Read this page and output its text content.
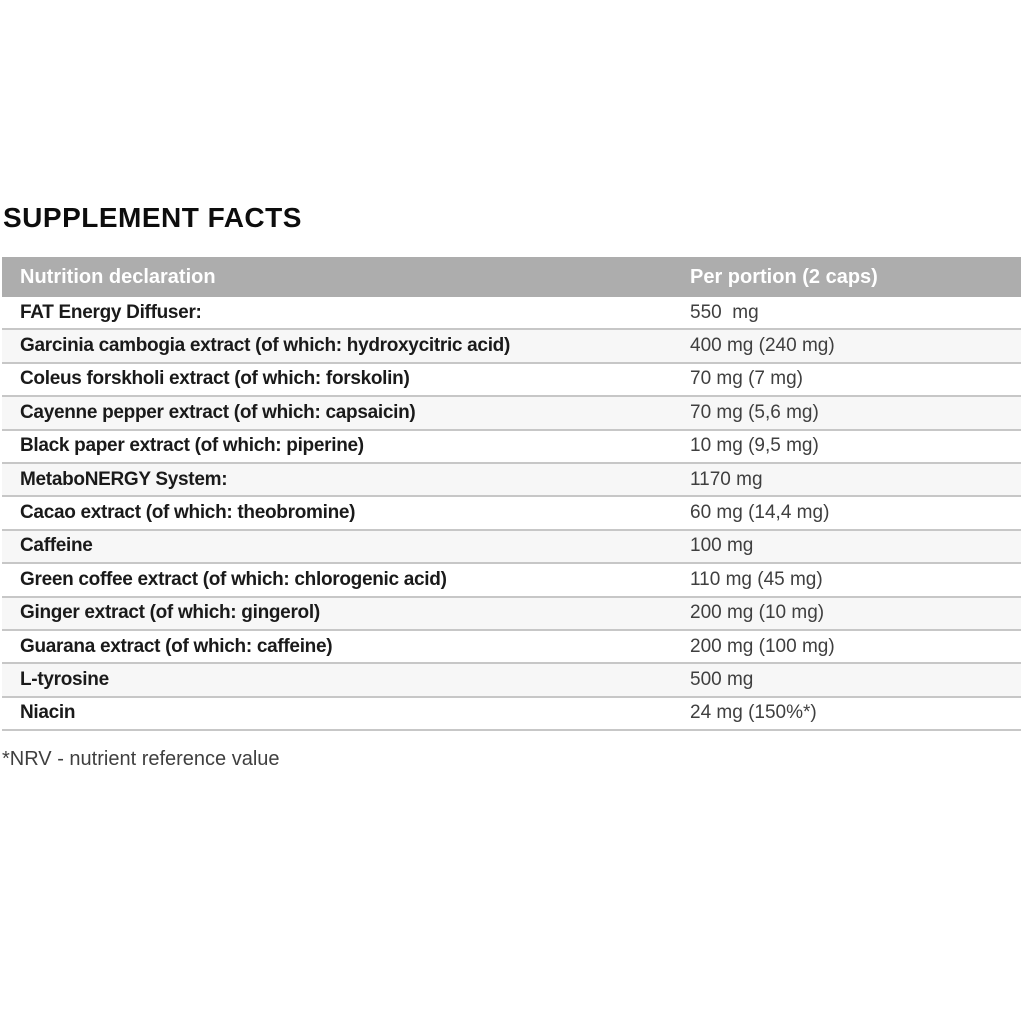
SUPPLEMENT FACTS
Nutrition declaration	Per portion (2 caps)
FAT Energy Diffuser:	550  mg
Garcinia cambogia extract (of which: hydroxycitric acid)	400 mg (240 mg)
Coleus forskholi extract (of which: forskolin)	70 mg (7 mg)
Cayenne pepper extract (of which: capsaicin)	70 mg (5,6 mg)
Black paper extract (of which: piperine)	10 mg (9,5 mg)
MetaboNERGY System:	1170 mg
Cacao extract (of which: theobromine)	60 mg (14,4 mg)
Caffeine	100 mg
Green coffee extract (of which: chlorogenic acid)	110 mg (45 mg)
Ginger extract (of which: gingerol)	200 mg (10 mg)
Guarana extract (of which: caffeine)	200 mg (100 mg)
L-tyrosine	500 mg
Niacin	24 mg (150%*)

*NRV - nutrient reference value
